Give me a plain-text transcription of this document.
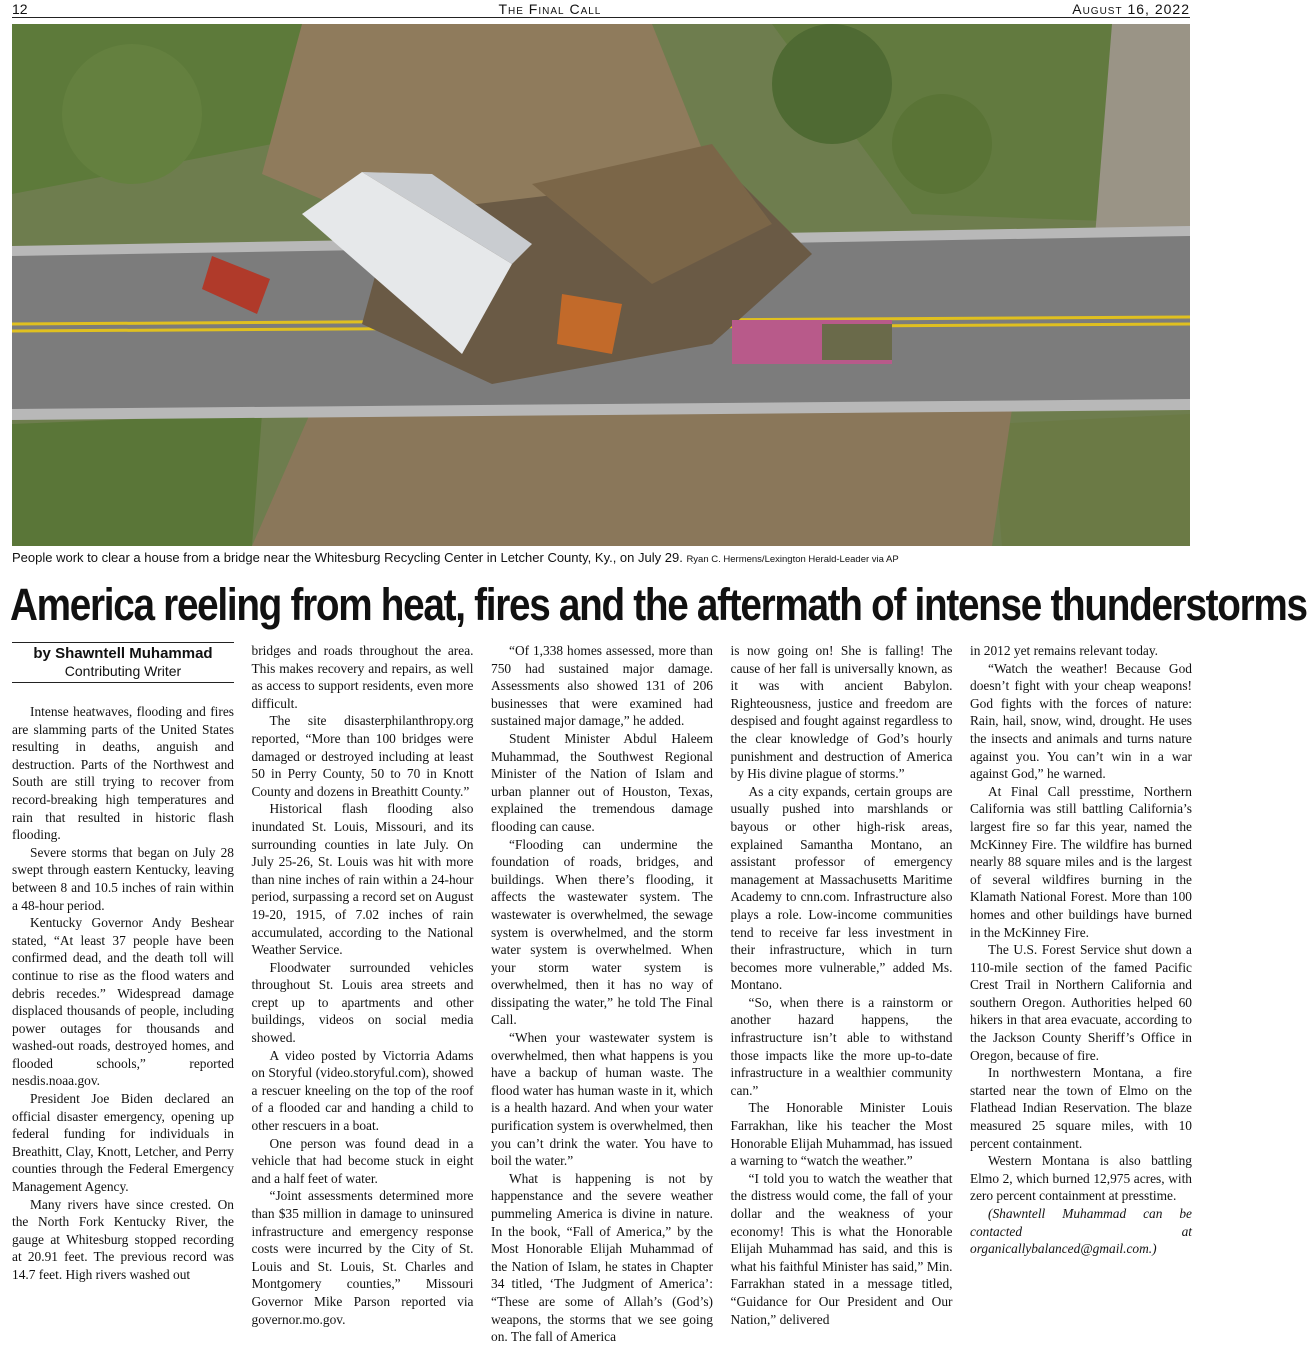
12	The Final Call	August 16, 2022
People work to clear a house from a bridge near the Whitesburg Recycling Center in Letcher County, Ky., on July 29. Ryan C. Hermens/Lexington Herald-Leader via AP
America reeling from heat, fires and the aftermath of intense thunderstorms
by Shawntell Muhammad
Contributing Writer

Intense heatwaves, flooding and fires are slamming parts of the United States resulting in deaths, anguish and destruction. Parts of the Northwest and South are still trying to recover from record-breaking high temperatures and rain that resulted in historic flash flooding.

Severe storms that began on July 28 swept through eastern Kentucky, leaving between 8 and 10.5 inches of rain within a 48-hour period.

Kentucky Governor Andy Beshear stated, “At least 37 people have been confirmed dead, and the death toll will continue to rise as the flood waters and debris recedes.” Widespread damage displaced thousands of people, including power outages for thousands and washed-out roads, destroyed homes, and flooded schools,” reported nesdis.noaa.gov.

President Joe Biden declared an official disaster emergency, opening up federal funding for individuals in Breathitt, Clay, Knott, Letcher, and Perry counties through the Federal Emergency Management Agency.

Many rivers have since crested. On the North Fork Kentucky River, the gauge at Whitesburg stopped recording at 20.91 feet. The previous record was 14.7 feet. High rivers washed out

bridges and roads throughout the area. This makes recovery and repairs, as well as access to support residents, even more difficult.

The site disasterphilanthropy.org reported, “More than 100 bridges were damaged or destroyed including at least 50 in Perry County, 50 to 70 in Knott County and dozens in Breathitt County.”

Historical flash flooding also inundated St. Louis, Missouri, and its surrounding counties in late July. On July 25-26, St. Louis was hit with more than nine inches of rain within a 24-hour period, surpassing a record set on August 19-20, 1915, of 7.02 inches of rain accumulated, according to the National Weather Service.

Floodwater surrounded vehicles throughout St. Louis area streets and crept up to apartments and other buildings, videos on social media showed.

A video posted by Victorria Adams on Storyful (video.storyful.com), showed a rescuer kneeling on the top of the roof of a flooded car and handing a child to other rescuers in a boat.

One person was found dead in a vehicle that had become stuck in eight and a half feet of water.

“Joint assessments determined more than $35 million in damage to uninsured infrastructure and emergency response costs were incurred by the City of St. Louis and St. Louis, St. Charles and Montgomery counties,” Missouri Governor Mike Parson reported via governor.mo.gov.

“Of 1,338 homes assessed, more than 750 had sustained major damage. Assessments also showed 131 of 206 businesses that were examined had sustained major damage,” he added.

Student Minister Abdul Haleem Muhammad, the Southwest Regional Minister of the Nation of Islam and urban planner out of Houston, Texas, explained the tremendous damage flooding can cause.

“Flooding can undermine the foundation of roads, bridges, and buildings. When there’s flooding, it affects the wastewater system. The wastewater is overwhelmed, the sewage system is overwhelmed, and the storm water system is overwhelmed. When your storm water system is overwhelmed, then it has no way of dissipating the water,” he told The Final Call.

“When your wastewater system is overwhelmed, then what happens is you have a backup of human waste. The flood water has human waste in it, which is a health hazard. And when your water purification system is overwhelmed, then you can’t drink the water. You have to boil the water.”

What is happening is not by happenstance and the severe weather pummeling America is divine in nature. In the book, “Fall of America,” by the Most Honorable Elijah Muhammad of the Nation of Islam, he states in Chapter 34 titled, ‘The Judgment of America’: “These are some of Allah’s (God’s) weapons, the storms that we see going on. The fall of America

is now going on! She is falling! The cause of her fall is universally known, as it was with ancient Babylon. Righteousness, justice and freedom are despised and fought against regardless to the clear knowledge of God’s hourly punishment and destruction of America by His divine plague of storms.”

As a city expands, certain groups are usually pushed into marshlands or bayous or other high-risk areas, explained Samantha Montano, an assistant professor of emergency management at Massachusetts Maritime Academy to cnn.com. Infrastructure also plays a role. Low-income communities tend to receive far less investment in their infrastructure, which in turn becomes more vulnerable,” added Ms. Montano.

“So, when there is a rainstorm or another hazard happens, the infrastructure isn’t able to withstand those impacts like the more up-to-date infrastructure in a wealthier community can.”

The Honorable Minister Louis Farrakhan, like his teacher the Most Honorable Elijah Muhammad, has issued a warning to “watch the weather.”

“I told you to watch the weather that the distress would come, the fall of your dollar and the weakness of your economy! This is what the Honorable Elijah Muhammad has said, and this is what his faithful Minister has said,” Min. Farrakhan stated in a message titled, “Guidance for Our President and Our Nation,” delivered

in 2012 yet remains relevant today.

“Watch the weather! Because God doesn’t fight with your cheap weapons! God fights with the forces of nature: Rain, hail, snow, wind, drought. He uses the insects and animals and turns nature against you. You can’t win in a war against God,” he warned.

At Final Call presstime, Northern California was still battling California’s largest fire so far this year, named the McKinney Fire. The wildfire has burned nearly 88 square miles and is the largest of several wildfires burning in the Klamath National Forest. More than 100 homes and other buildings have burned in the McKinney Fire.

The U.S. Forest Service shut down a 110-mile section of the famed Pacific Crest Trail in Northern California and southern Oregon. Authorities helped 60 hikers in that area evacuate, according to the Jackson County Sheriff’s Office in Oregon, because of fire.

In northwestern Montana, a fire started near the town of Elmo on the Flathead Indian Reservation. The blaze measured 25 square miles, with 10 percent containment.

Western Montana is also battling Elmo 2, which burned 12,975 acres, with zero percent containment at presstime.

(Shawntell Muhammad can be contacted at organicallybalanced@gmail.com.)
